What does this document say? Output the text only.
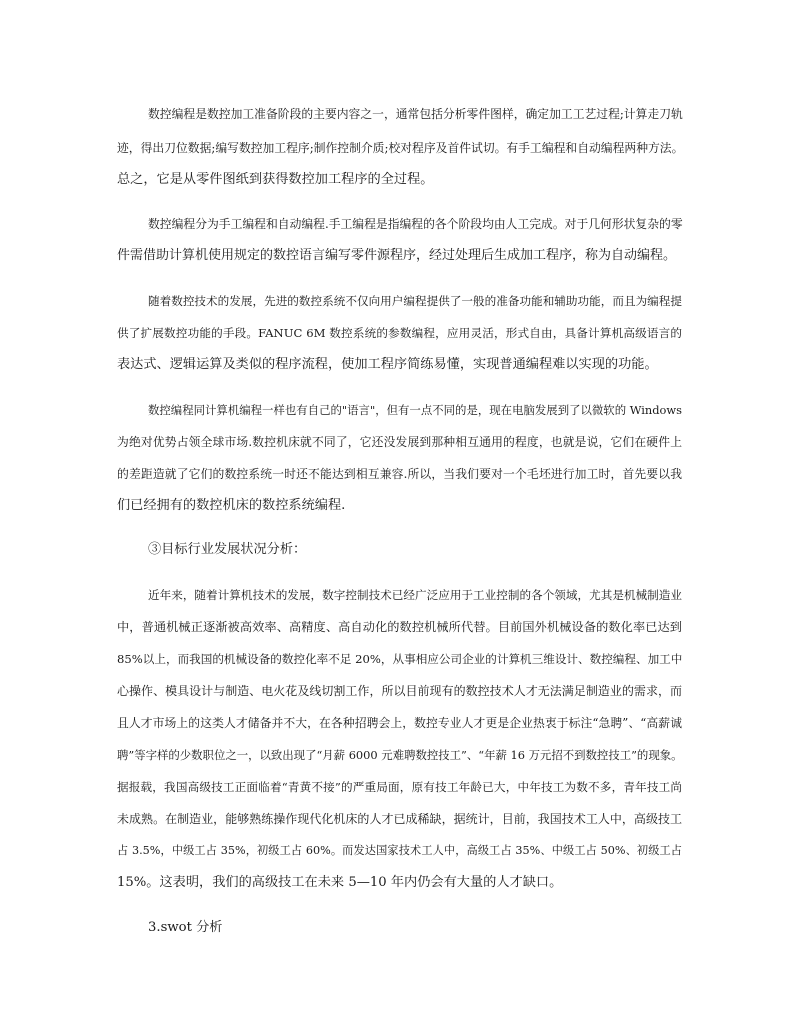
数控编程是数控加工准备阶段的主要内容之一，通常包括分析零件图样，确定加工工艺过程;计算走刀轨
迹，得出刀位数据;编写数控加工程序;制作控制介质;校对程序及首件试切。有手工编程和自动编程两种方法。
总之，它是从零件图纸到获得数控加工程序的全过程。
数控编程分为手工编程和自动编程.手工编程是指编程的各个阶段均由人工完成。对于几何形状复杂的零
件需借助计算机使用规定的数控语言编写零件源程序，经过处理后生成加工程序，称为自动编程。
随着数控技术的发展，先进的数控系统不仅向用户编程提供了一般的准备功能和辅助功能，而且为编程提
供了扩展数控功能的手段。FANUC 6M 数控系统的参数编程，应用灵活，形式自由，具备计算机高级语言的
表达式、逻辑运算及类似的程序流程，使加工程序简练易懂，实现普通编程难以实现的功能。
数控编程同计算机编程一样也有自己的"语言"，但有一点不同的是，现在电脑发展到了以微软的 Windows
为绝对优势占领全球市场.数控机床就不同了，它还没发展到那种相互通用的程度，也就是说，它们在硬件上
的差距造就了它们的数控系统一时还不能达到相互兼容.所以，当我们要对一个毛坯进行加工时，首先要以我
们已经拥有的数控机床的数控系统编程.
③目标行业发展状况分析：
近年来，随着计算机技术的发展，数字控制技术已经广泛应用于工业控制的各个领域，尤其是机械制造业
中，普通机械正逐渐被高效率、高精度、高自动化的数控机械所代替。目前国外机械设备的数化率已达到
85%以上，而我国的机械设备的数控化率不足 20%，从事相应公司企业的计算机三维设计、数控编程、加工中
心操作、模具设计与制造、电火花及线切割工作，所以目前现有的数控技术人才无法满足制造业的需求，而
且人才市场上的这类人才储备并不大，在各种招聘会上，数控专业人才更是企业热衷于标注“急聘”、“高薪诚
聘”等字样的少数职位之一，以致出现了“月薪 6000 元难聘数控技工”、“年薪 16 万元招不到数控技工”的现象。
据报载，我国高级技工正面临着“青黄不接”的严重局面，原有技工年龄已大，中年技工为数不多，青年技工尚
未成熟。在制造业，能够熟练操作现代化机床的人才已成稀缺，据统计，目前，我国技术工人中，高级技工
占 3.5%，中级工占 35%，初级工占 60%。而发达国家技术工人中，高级工占 35%、中级工占 50%、初级工占
15%。这表明，我们的高级技工在未来 5—10 年内仍会有大量的人才缺口。
3.swot 分析
